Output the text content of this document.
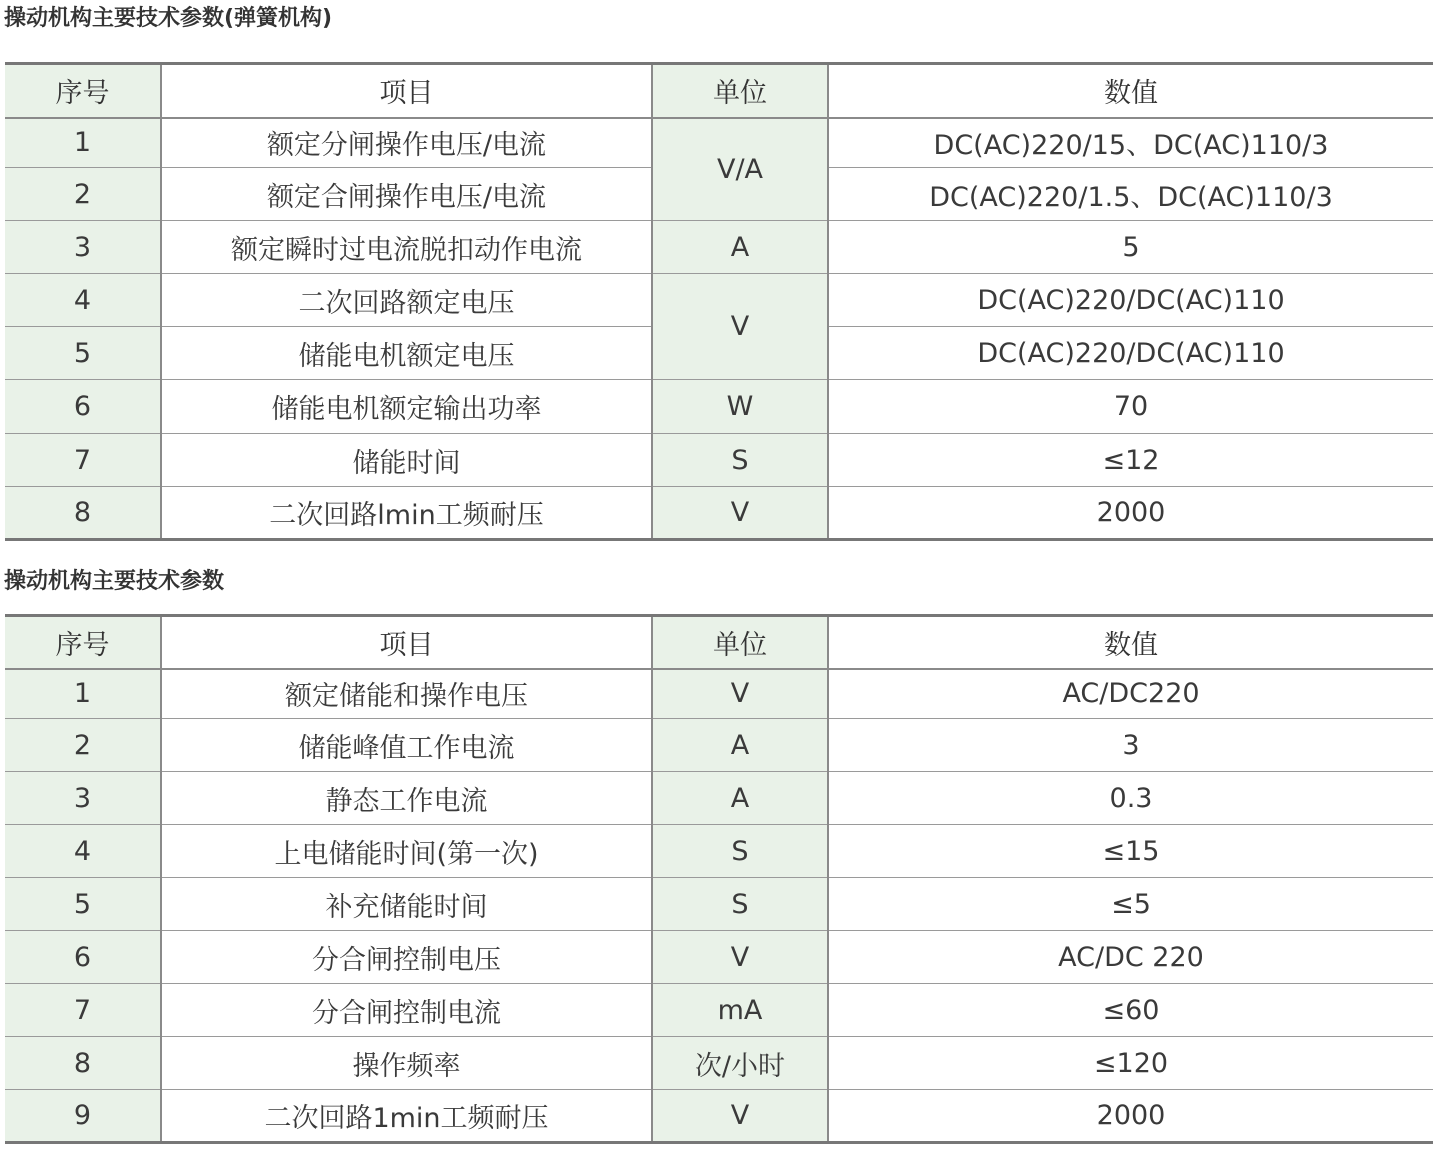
操动机构主要技术参数(弹簧机构)
序号	项目	单位	数值
1	额定分闸操作电压/电流	V/A	DC(AC)220/15、DC(AC)110/3
2	额定合闸操作电压/电流		DC(AC)220/1.5、DC(AC)110/3
3	额定瞬时过电流脱扣动作电流	A	5
4	二次回路额定电压	V	DC(AC)220/DC(AC)110
5	储能电机额定电压		DC(AC)220/DC(AC)110
6	储能电机额定输出功率	W	70
7	储能时间	S	≤12
8	二次回路lmin工频耐压	V	2000
操动机构主要技术参数
序号	项目	单位	数值
1	额定储能和操作电压	V	AC/DC220
2	储能峰值工作电流	A	3
3	静态工作电流	A	0.3
4	上电储能时间(第一次)	S	≤15
5	补充储能时间	S	≤5
6	分合闸控制电压	V	AC/DC 220
7	分合闸控制电流	mA	≤60
8	操作频率	次/小时	≤120
9	二次回路1min工频耐压	V	2000
